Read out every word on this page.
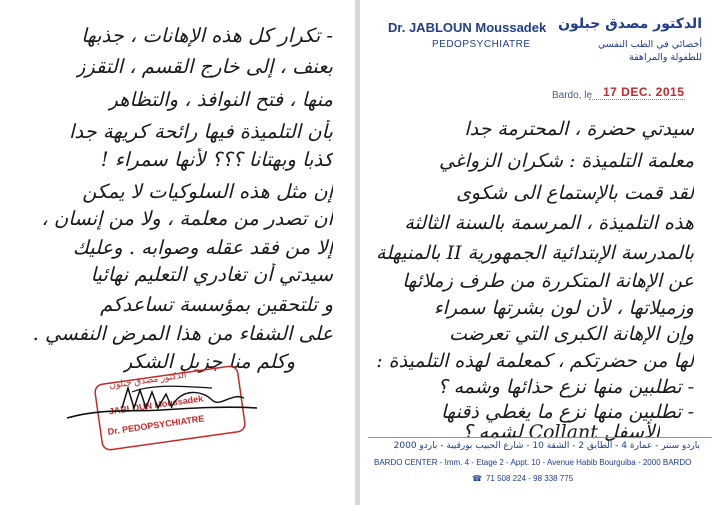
- تكرار كل هذه الإهانات ، جذبها
بعنف ، إلى خارج القسم ، التقزز
منها ، فتح النوافذ ، والتظاهر
بأن التلميذة فيها رائحة كريهة جدا
كذبا وبهتانا ؟؟؟ لأنها سمراء !
إن مثل هذه السلوكيات لا يمكن
أن تصدر من معلمة ، ولا من إنسان ،
إلا من فقد عقله وصوابه . وعليك
سيدتي أن تغادري التعليم نهائيا
و تلتحقين بمؤسسة تساعدكم
على الشفاء من هذا المرض النفسي .
وكلم منا جزيل الشكر
الدكتور مصدق جبلون
JABLOUN Moussadek
Dr. PEDOPSYCHIATRE
Dr. JABLOUN Moussadek
PEDOPSYCHIATRE
الدكتور مصدق جبلون
أخصائي في الطب النفسي
للطفولة والمراهقة
Bardo, le 17 DEC. 2015
سيدتي حضرة ، المحترمة جدا
معلمة التلميذة : شكران الزواغي
لقد قمت بالإستماع الى شكوى
هذه التلميذة ، المرسمة بالسنة الثالثة
بالمدرسة الإبتدائية الجمهورية II بالمنيهلة
عن الإهانة المتكررة من طرف زملائها
وزميلاتها ، لأن لون بشرتها سمراء
وإن الإهانة الكبرى التي تعرضت
لها من حضرتكم ، كمعلمة لهذه التلميذة :
- تطلبين منها نزع حذائها وشمه ؟
- تطلبين منها نزع ما يغطي ذقنها
الأسفل Collant لشمه ؟
باردو سنتر - عمارة 4 - الطابق 2 - الشقة 10 - شارع الحبيب بورقيبة - باردو 2000
BARDO CENTER - Imm. 4 - Etage 2 - Appt. 10 - Avenue Habib Bourguiba - 2000 BARDO
☎ 71 508 224 - 98 338 775
